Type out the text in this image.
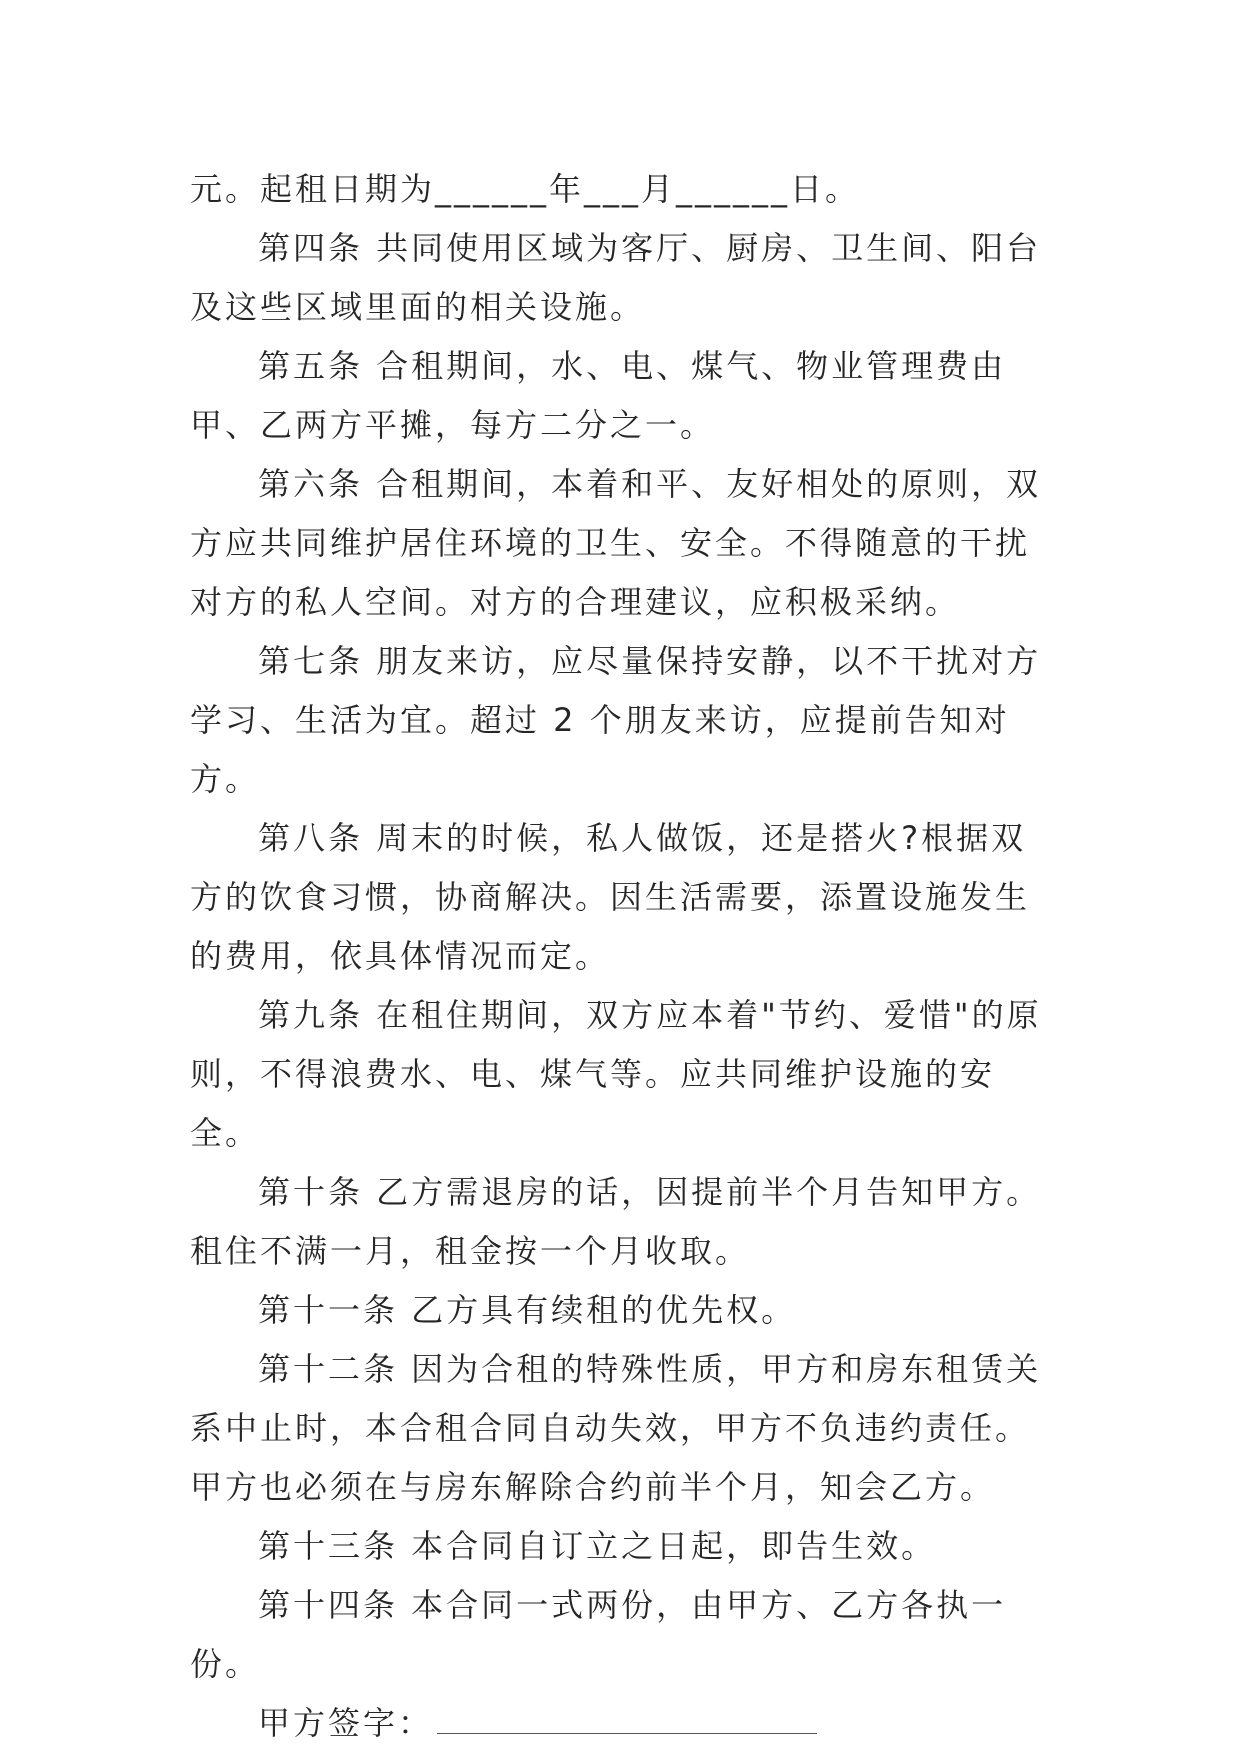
元。起租日期为______年___月______日。

第四条 共同使用区域为客厅、厨房、卫生间、阳台及这些区域里面的相关设施。

第五条 合租期间，水、电、煤气、物业管理费由甲、乙两方平摊，每方二分之一。

第六条 合租期间，本着和平、友好相处的原则，双方应共同维护居住环境的卫生、安全。不得随意的干扰对方的私人空间。对方的合理建议，应积极采纳。

第七条 朋友来访，应尽量保持安静，以不干扰对方学习、生活为宜。超过 2 个朋友来访，应提前告知对方。

第八条 周末的时候，私人做饭，还是搭火?根据双方的饮食习惯，协商解决。因生活需要，添置设施发生的费用，依具体情况而定。

第九条 在租住期间，双方应本着"节约、爱惜"的原则，不得浪费水、电、煤气等。应共同维护设施的安全。

第十条 乙方需退房的话，因提前半个月告知甲方。租住不满一月，租金按一个月收取。

第十一条 乙方具有续租的优先权。

第十二条 因为合租的特殊性质，甲方和房东租赁关系中止时，本合租合同自动失效，甲方不负违约责任。甲方也必须在与房东解除合约前半个月，知会乙方。

第十三条 本合同自订立之日起，即告生效。

第十四条 本合同一式两份，由甲方、乙方各执一份。

甲方签字：
